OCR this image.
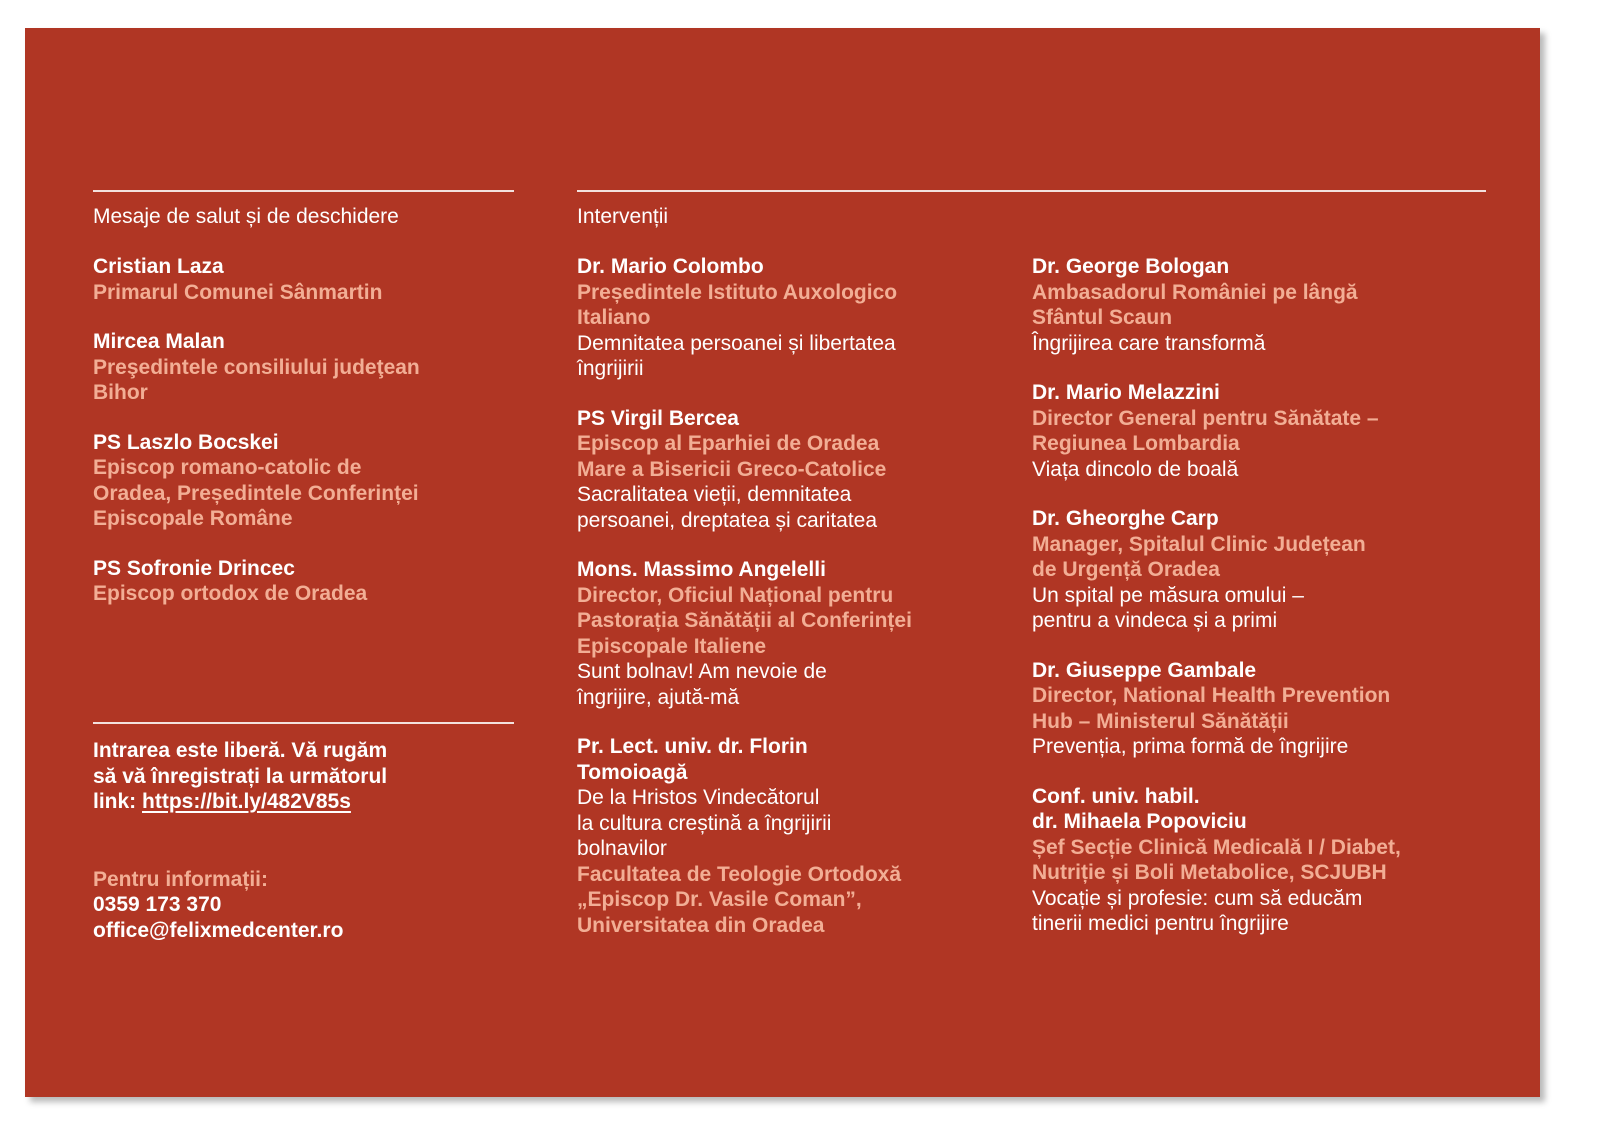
Mesaje de salut și de deschidere
Cristian Laza
Primarul Comunei Sânmartin
Mircea Malan
Preşedintele consiliului judeţean
Bihor
PS Laszlo Bocskei
Episcop romano-catolic de
Oradea, Președintele Conferinței
Episcopale Române
PS Sofronie Drincec
Episcop ortodox de Oradea
Intrarea este liberă. Vă rugăm
să vă înregistrați la următorul
link: https://bit.ly/482V85s
Pentru informații:
0359 173 370
office@felixmedcenter.ro
Intervenții
Dr. Mario Colombo
Președintele Istituto Auxologico
Italiano
Demnitatea persoanei și libertatea
îngrijirii
PS Virgil Bercea
Episcop al Eparhiei de Oradea
Mare a Bisericii Greco-Catolice
Sacralitatea vieții, demnitatea
persoanei, dreptatea și caritatea
Mons. Massimo Angelelli
Director, Oficiul Național pentru
Pastorația Sănătății al Conferinței
Episcopale Italiene
Sunt bolnav! Am nevoie de
îngrijire, ajută-mă
Pr. Lect. univ. dr. Florin
Tomoioagă
De la Hristos Vindecătorul
la cultura creștină a îngrijirii
bolnavilor
Facultatea de Teologie Ortodoxă
„Episcop Dr. Vasile Coman”,
Universitatea din Oradea

Dr. George Bologan
Ambasadorul României pe lângă
Sfântul Scaun
Îngrijirea care transformă
Dr. Mario Melazzini
Director General pentru Sănătate –
Regiunea Lombardia
Viața dincolo de boală
Dr. Gheorghe Carp
Manager, Spitalul Clinic Județean
de Urgență Oradea
Un spital pe măsura omului –
pentru a vindeca și a primi
Dr. Giuseppe Gambale
Director, National Health Prevention
Hub – Ministerul Sănătății
Prevenția, prima formă de îngrijire
Conf. univ. habil.
dr. Mihaela Popoviciu
Șef Secție Clinică Medicală I / Diabet,
Nutriție și Boli Metabolice, SCJUBH
Vocație și profesie: cum să educăm
tinerii medici pentru îngrijire
